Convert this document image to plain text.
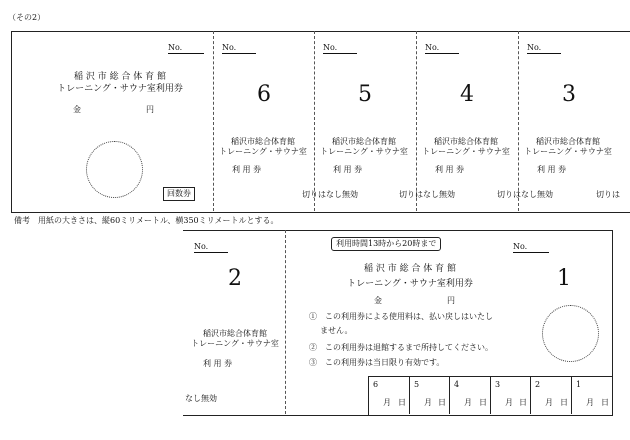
（その2）
No.
稲 沢 市 総 合 体 育 館
トレーニング・サウナ室利用券
金	円
回数券
No.
6
稲沢市総合体育館
トレーニング・サウナ室
利 用 券
切りはなし無効
No.
5
稲沢市総合体育館
トレーニング・サウナ室
利 用 券
切りはなし無効
No.
4
稲沢市総合体育館
トレーニング・サウナ室
利 用 券
切りはなし無効
No.
3
稲沢市総合体育館
トレーニング・サウナ室
利 用 券
切りは
備考　用紙の大きさは、縦60ミリメートル、横350ミリメートルとする。
No.
2
稲沢市総合体育館
トレーニング・サウナ室
利 用 券
なし無効
利用時間13時から20時まで	No.
1
稲 沢 市 総 合 体 育 館
トレーニング・サウナ室利用券
金	円
①　この利用券による使用料は、払い戻しはいたし
ません。
②　この利用券は退館するまで所持してください。
③　この利用券は当日限り有効です。
6
月 日
5
月 日
4
月 日
3
月 日
2
月 日
1
月 日
